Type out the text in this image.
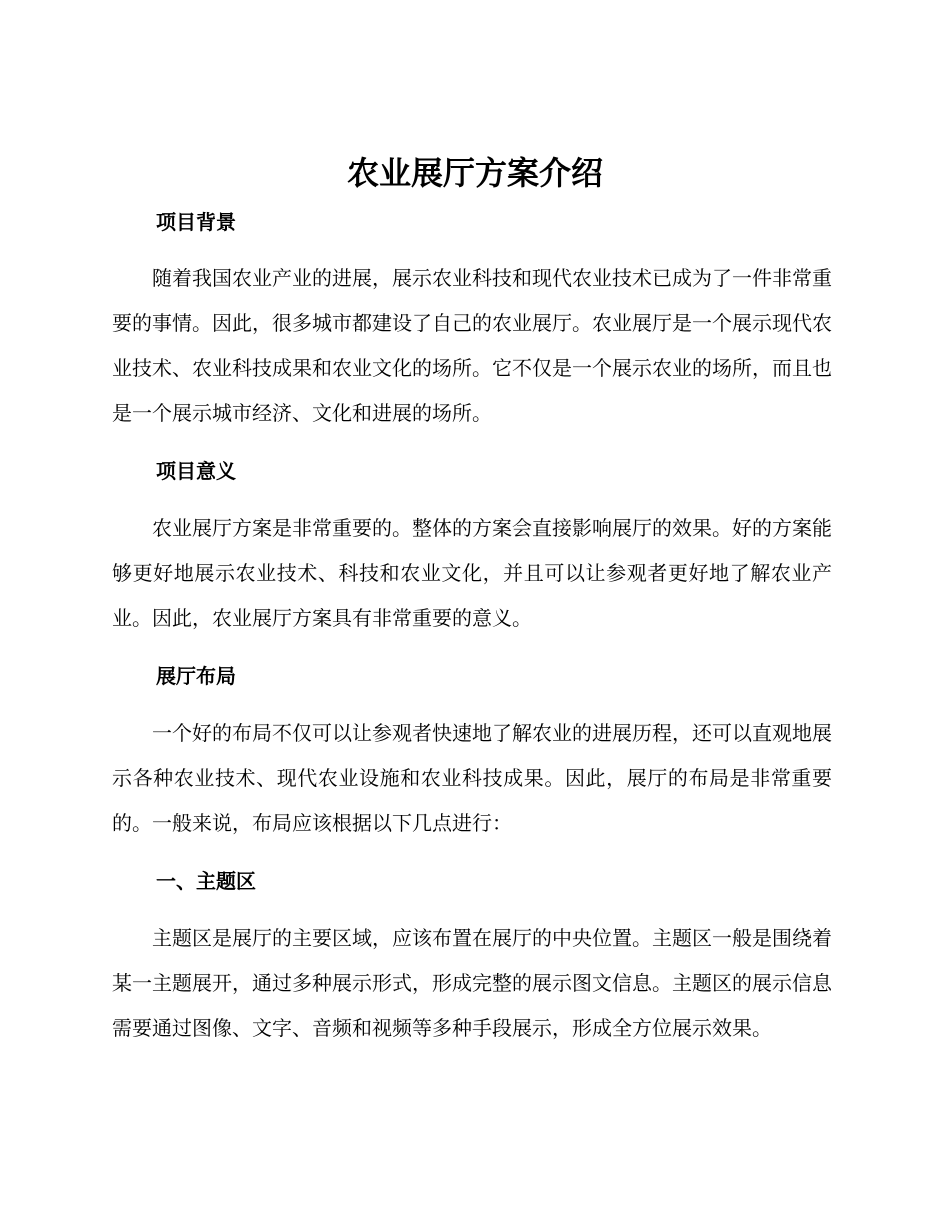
农业展厅方案介绍
项目背景

随着我国农业产业的进展，展示农业科技和现代农业技术已成为了一件非常重要的事情。因此，很多城市都建设了自己的农业展厅。农业展厅是一个展示现代农业技术、农业科技成果和农业文化的场所。它不仅是一个展示农业的场所，而且也是一个展示城市经济、文化和进展的场所。

项目意义

农业展厅方案是非常重要的。整体的方案会直接影响展厅的效果。好的方案能够更好地展示农业技术、科技和农业文化，并且可以让参观者更好地了解农业产业。因此，农业展厅方案具有非常重要的意义。

展厅布局

一个好的布局不仅可以让参观者快速地了解农业的进展历程，还可以直观地展示各种农业技术、现代农业设施和农业科技成果。因此，展厅的布局是非常重要的。一般来说，布局应该根据以下几点进行：

一、主题区

主题区是展厅的主要区域，应该布置在展厅的中央位置。主题区一般是围绕着某一主题展开，通过多种展示形式，形成完整的展示图文信息。主题区的展示信息需要通过图像、文字、音频和视频等多种手段展示，形成全方位展示效果。
